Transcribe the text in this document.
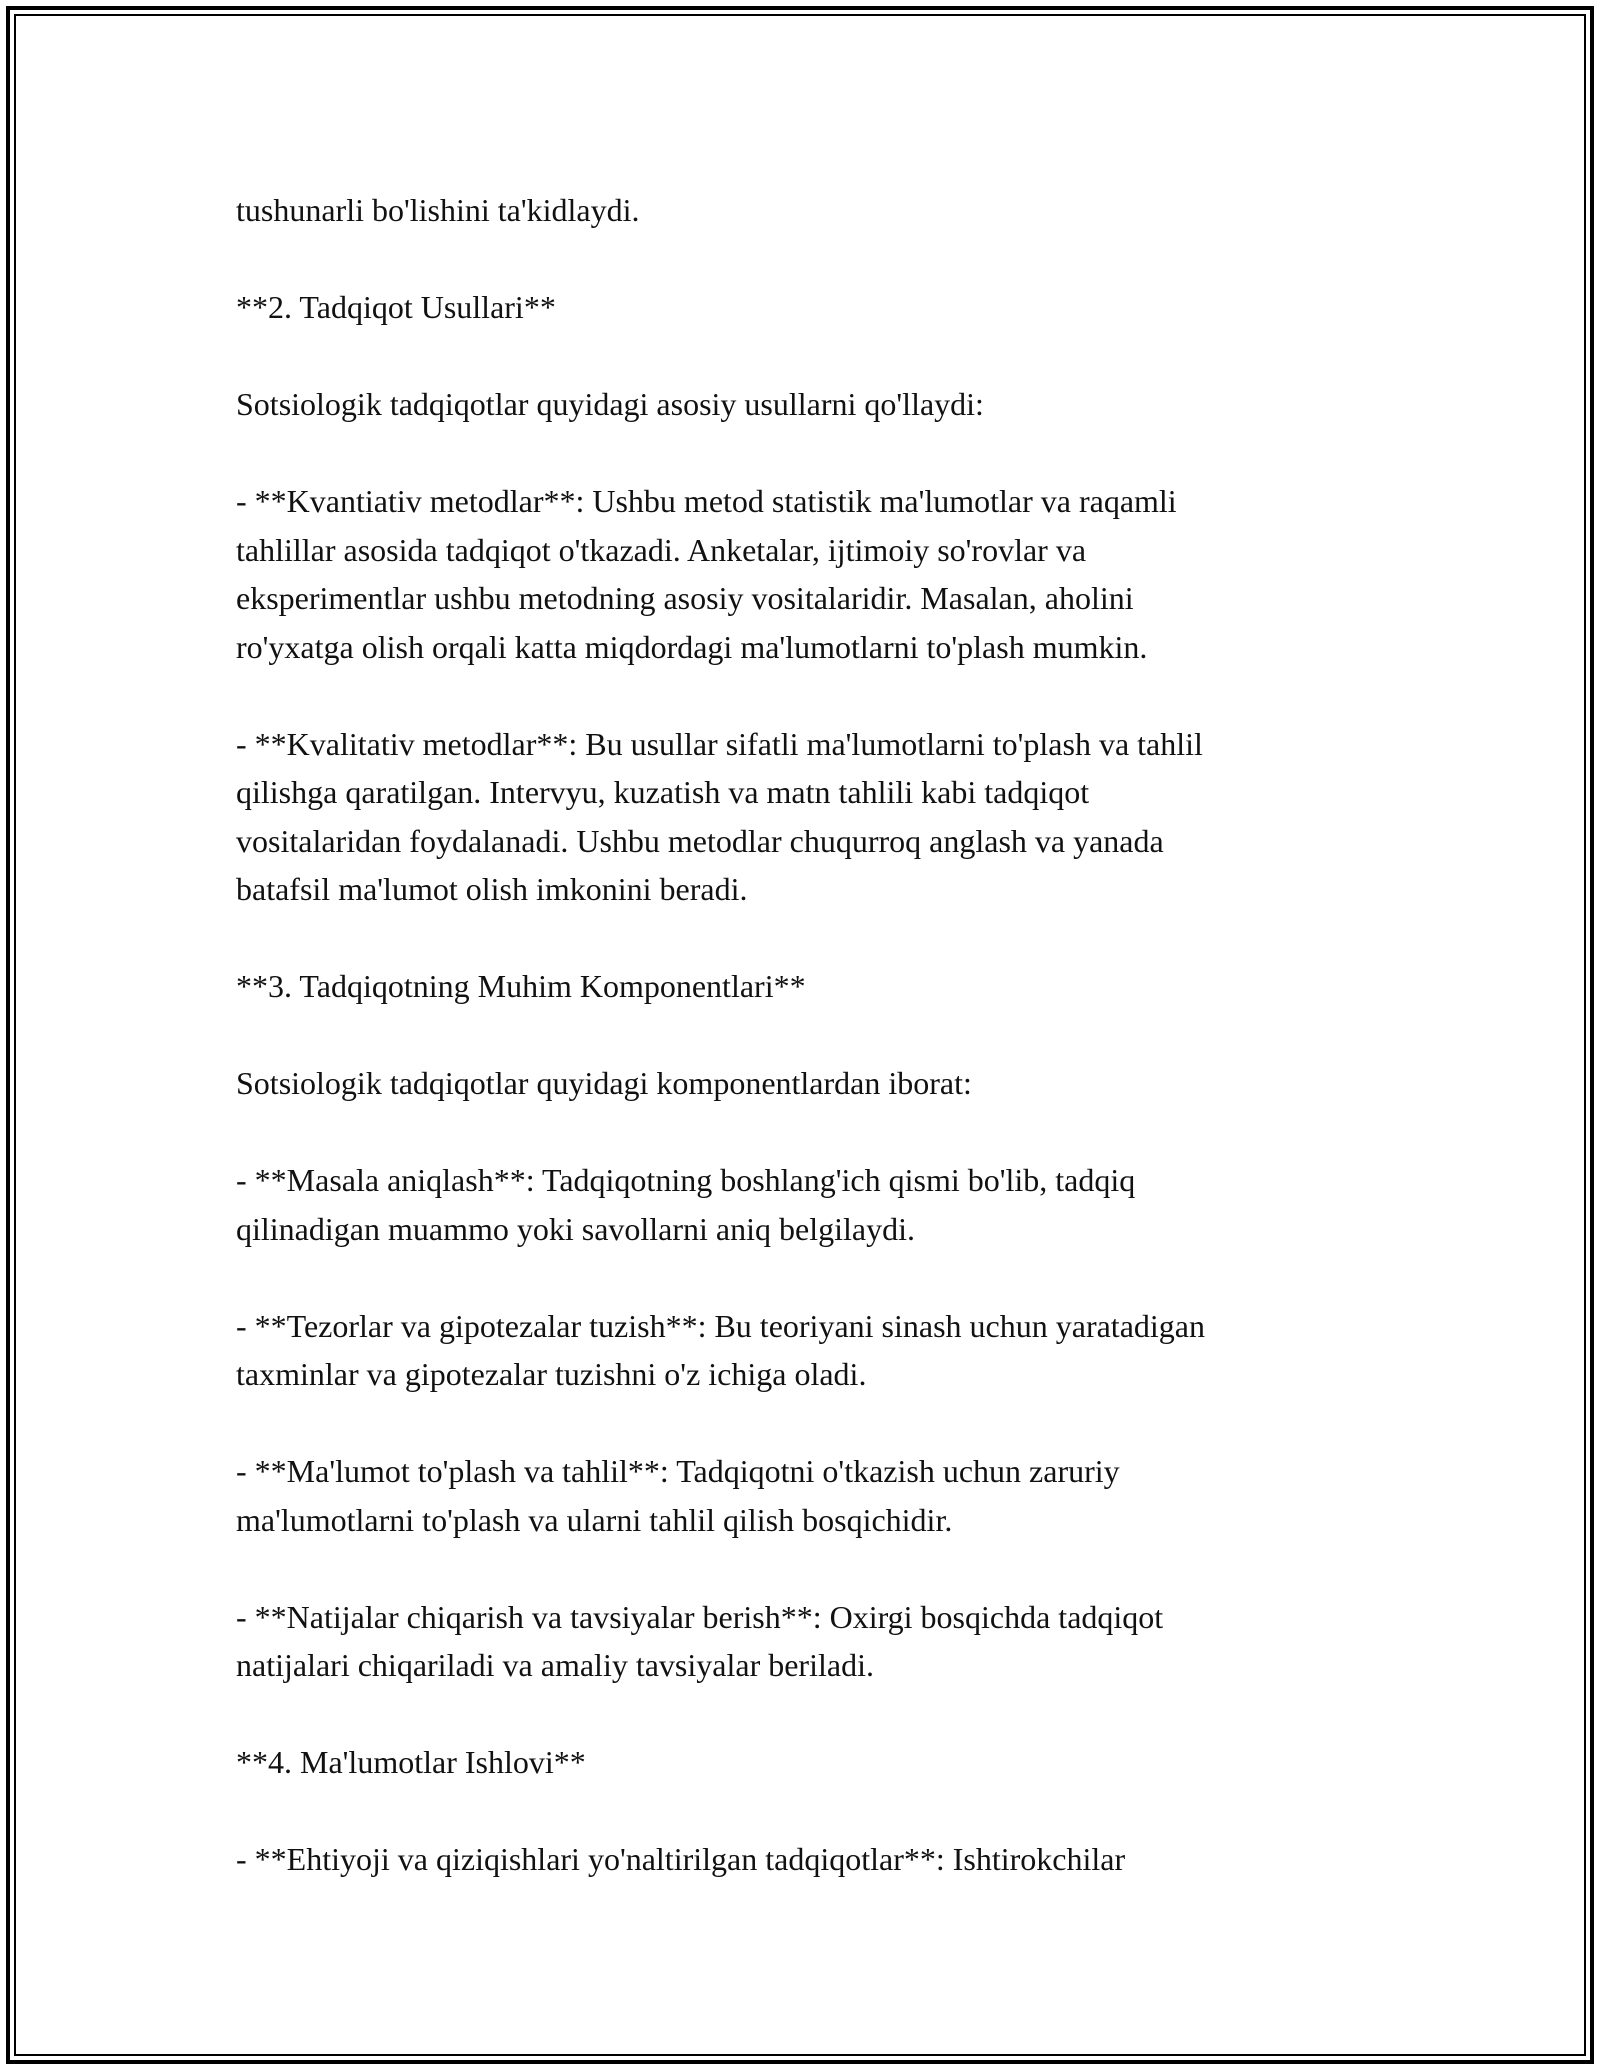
tushunarli bo'lishini ta'kidlaydi.

**2. Tadqiqot Usullari**

Sotsiologik tadqiqotlar quyidagi asosiy usullarni qo'llaydi:

- **Kvantiativ metodlar**: Ushbu metod statistik ma'lumotlar va raqamli
tahlillar asosida tadqiqot o'tkazadi. Anketalar, ijtimoiy so'rovlar va
eksperimentlar ushbu metodning asosiy vositalaridir. Masalan, aholini
ro'yxatga olish orqali katta miqdordagi ma'lumotlarni to'plash mumkin.

- **Kvalitativ metodlar**: Bu usullar sifatli ma'lumotlarni to'plash va tahlil
qilishga qaratilgan. Intervyu, kuzatish va matn tahlili kabi tadqiqot
vositalaridan foydalanadi. Ushbu metodlar chuqurroq anglash va yanada
batafsil ma'lumot olish imkonini beradi.

**3. Tadqiqotning Muhim Komponentlari**

Sotsiologik tadqiqotlar quyidagi komponentlardan iborat:

- **Masala aniqlash**: Tadqiqotning boshlang'ich qismi bo'lib, tadqiq
qilinadigan muammo yoki savollarni aniq belgilaydi.

- **Tezorlar va gipotezalar tuzish**: Bu teoriyani sinash uchun yaratadigan
taxminlar va gipotezalar tuzishni o'z ichiga oladi.

- **Ma'lumot to'plash va tahlil**: Tadqiqotni o'tkazish uchun zaruriy
ma'lumotlarni to'plash va ularni tahlil qilish bosqichidir.

- **Natijalar chiqarish va tavsiyalar berish**: Oxirgi bosqichda tadqiqot
natijalari chiqariladi va amaliy tavsiyalar beriladi.

**4. Ma'lumotlar Ishlovi**

- **Ehtiyoji va qiziqishlari yo'naltirilgan tadqiqotlar**: Ishtirokchilar
